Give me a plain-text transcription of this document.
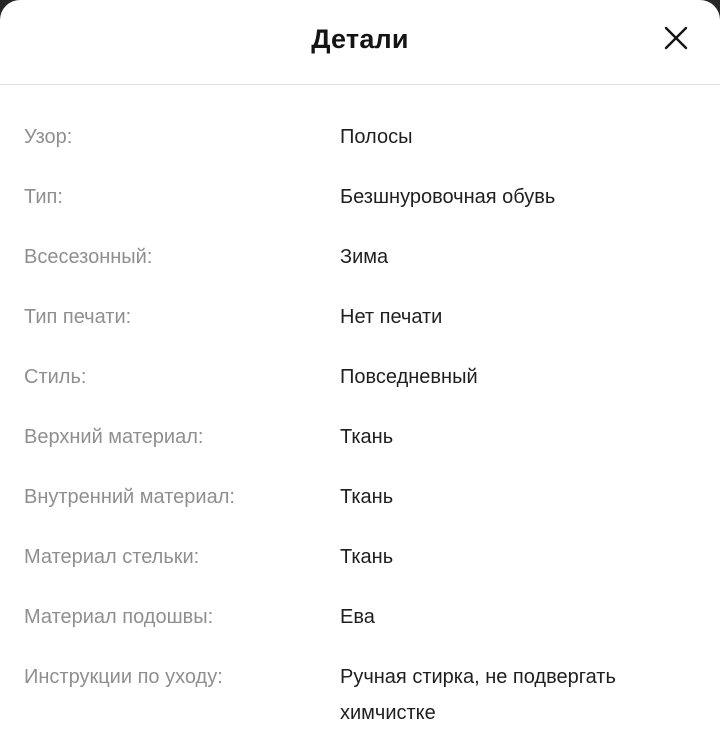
Детали
Узор:	Полосы
Тип:	Безшнуровочная обувь
Всесезонный:	Зима
Тип печати:	Нет печати
Стиль:	Повседневный
Верхний материал:	Ткань
Внутренний материал:	Ткань
Материал стельки:	Ткань
Материал подошвы:	Ева
Инструкции по уходу:	Ручная стирка, не подвергать химчистке
